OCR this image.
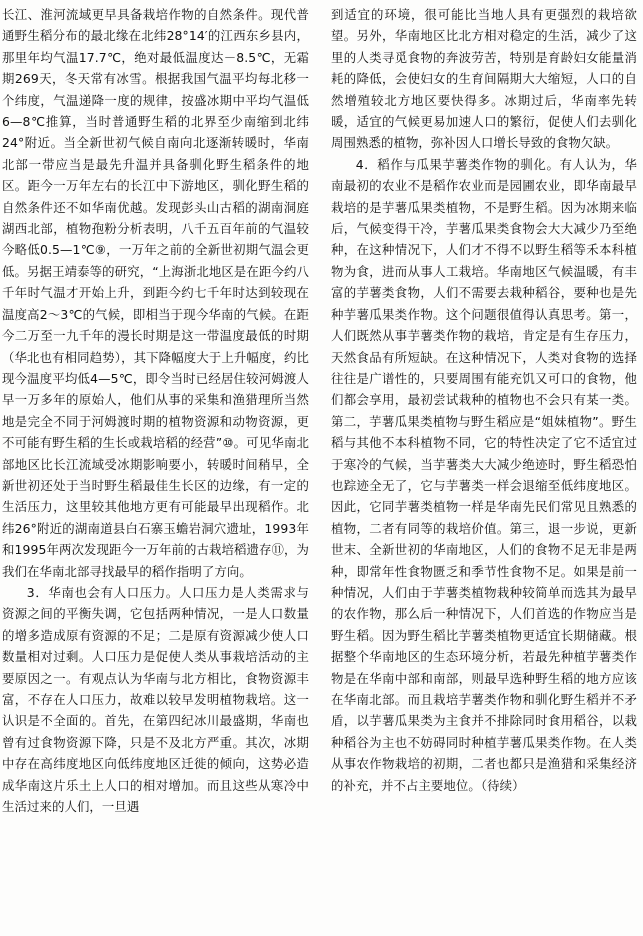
长江、淮河流域更早具备栽培作物的自然条件。现代普通野生稻分布的最北缘在北纬28°14′的江西东乡县内，那里年均气温17.7℃，绝对最低温度达－8.5℃，无霜期269天，冬天常有冰雪。根据我国气温平均每北移一个纬度，气温递降一度的规律，按盛冰期中平均气温低6—8℃推算，当时普通野生稻的北界至少南缩到北纬24°附近。当全新世初气候自南向北逐渐转暖时，华南北部一带应当是最先升温并具备驯化野生稻条件的地区。距今一万年左右的长江中下游地区，驯化野生稻的自然条件还不如华南优越。发现彭头山古稻的湖南洞庭湖西北部，植物孢粉分析表明，八千五百年前的气温较今略低0.5—1℃⑨，一万年之前的全新世初期气温会更低。另据王靖泰等的研究，“上海浙北地区是在距今约八千年时气温才开始上升，到距今约七千年时达到较现在温度高2～3℃的气候，即相当于现今华南的气候。在距今二万至一九千年的漫长时期是这一带温度最低的时期（华北也有相同趋势），其下降幅度大于上升幅度，约比现今温度平均低4—5℃，即令当时已经居住较河姆渡人早一万多年的原始人，他们从事的采集和渔猎理所当然地是完全不同于河姆渡时期的植物资源和动物资源，更不可能有野生稻的生长或栽培稻的经营”⑩。可见华南北部地区比长江流域受冰期影响要小，转暖时间稍早，全新世初还处于当时野生稻最佳生长区的边缘，有一定的生活压力，这里较其他地方更有可能最早出现稻作。北纬26°附近的湖南道县白石寨玉蟾岩洞穴遗址，1993年和1995年两次发现距今一万年前的古栽培稻遗存⑪，为我们在华南北部寻找最早的稻作指明了方向。

3．华南也会有人口压力。人口压力是人类需求与资源之间的平衡失调，它包括两种情况，一是人口数量的增多造成原有资源的不足；二是原有资源减少使人口数量相对过剩。人口压力是促使人类从事栽培活动的主要原因之一。有观点认为华南与北方相比，食物资源丰富，不存在人口压力，故难以较早发明植物栽培。这一认识是不全面的。首先，在第四纪冰川最盛期，华南也曾有过食物资源下降，只是不及北方严重。其次，冰期中存在高纬度地区向低纬度地区迁徙的倾向，这势必造成华南这片乐土上人口的相对增加。而且这些从寒冷中生活过来的人们，一旦遇

到适宜的环境，很可能比当地人具有更强烈的栽培欲望。另外，华南地区比北方相对稳定的生活，减少了这里的人类寻觅食物的奔波劳苦，特别是育龄妇女能量消耗的降低，会使妇女的生育间隔期大大缩短，人口的自然增殖较北方地区要快得多。冰期过后，华南率先转暖，适宜的气候更易加速人口的繁衍，促使人们去驯化周围熟悉的植物，弥补因人口增长导致的食物欠缺。

4．稻作与瓜果芋薯类作物的驯化。有人认为，华南最初的农业不是稻作农业而是园圃农业，即华南最早栽培的是芋薯瓜果类植物，不是野生稻。因为冰期来临后，气候变得干冷，芋薯瓜果类食物会大大减少乃至绝种，在这种情况下，人们才不得不以野生稻等禾本科植物为食，进而从事人工栽培。华南地区气候温暖，有丰富的芋薯类食物，人们不需要去栽种稻谷，要种也是先种芋薯瓜果类作物。这个问题很值得认真思考。第一，人们既然从事芋薯类作物的栽培，肯定是有生存压力，天然食品有所短缺。在这种情况下，人类对食物的选择往往是广谱性的，只要周围有能充饥又可口的食物，他们都会享用，最初尝试栽种的植物也不会只有某一类。第二，芋薯瓜果类植物与野生稻应是“姐妹植物”。野生稻与其他不本科植物不同，它的特性决定了它不适宜过于寒冷的气候，当芋薯类大大减少绝迹时，野生稻恐怕也踪迹全无了，它与芋薯类一样会退缩至低纬度地区。因此，它同芋薯类植物一样是华南先民们常见且熟悉的植物，二者有同等的栽培价值。第三，退一步说，更新世末、全新世初的华南地区，人们的食物不足无非是两种，即常年性食物匮乏和季节性食物不足。如果是前一种情况，人们由于芋薯类植物栽种较简单而选其为最早的农作物，那么后一种情况下，人们首选的作物应当是野生稻。因为野生稻比芋薯类植物更适宜长期储藏。根据整个华南地区的生态环境分析，若最先种植芋薯类作物是在华南中部和南部，则最早选种野生稻的地方应该在华南北部。而且栽培芋薯类作物和驯化野生稻并不矛盾，以芋薯瓜果类为主食并不排除同时食用稻谷，以栽种稻谷为主也不妨碍同时种植芋薯瓜果类作物。在人类从事农作物栽培的初期，二者也都只是渔猎和采集经济的补充，并不占主要地位。（待续）
